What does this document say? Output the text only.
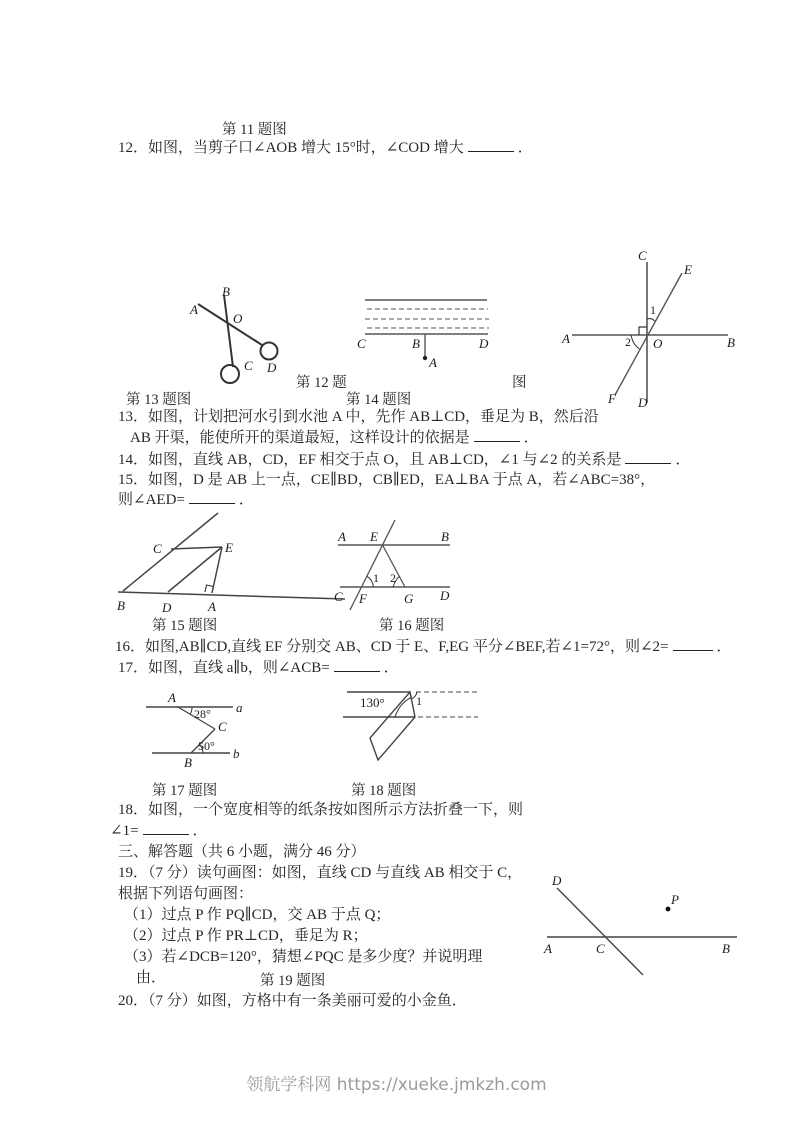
第 11 题图
12．如图，当剪子口∠AOB 增大 15°时，∠COD 增大	．
A
B
O
C D
C	B	D
A
C
E
A	B
O
F D
1
2
第 12 题	图
第 13 题图	第 14 题图
13．如图，计划把河水引到水池 A 中，先作 AB⊥CD，垂足为 B，然后沿
AB 开渠，能使所开的渠道最短，这样设计的依据是	．
14．如图，直线 AB，CD，EF 相交于点 O，且 AB⊥CD，∠1 与∠2 的关系是	．
15．如图，D 是 AB 上一点，CE∥BD，CB∥ED，EA⊥BA 于点 A，若∠ABC=38°，
则∠AED=	．
B
C
D
E
A
A E	B
C F	G D
1 2
第 15 题图	第 16 题图
16．如图,AB∥CD,直线 EF 分别交 AB、CD 于 E、F,EG 平分∠BEF,若∠1=72°，则∠2=	．
17．如图，直线 a∥b，则∠ACB=	．
A
a
C
B
b
28°
50°
130°	1
第 17 题图	第 18 题图
18．如图，一个宽度相等的纸条按如图所示方法折叠一下，则
∠1=	．
三、解答题（共 6 小题，满分 46 分）
19．（7 分）读句画图：如图，直线 CD 与直线 AB 相交于 C，
根据下列语句画图：
（1）过点 P 作 PQ∥CD，交 AB 于点 Q；
（2）过点 P 作 PR⊥CD，垂足为 R；
（3）若∠DCB=120°，猜想∠PQC 是多少度？并说明理
由．	第 19 题图
D
P
A	C	B
20．（7 分）如图，方格中有一条美丽可爱的小金鱼．
领航学科网 https://xueke.jmkzh.com
